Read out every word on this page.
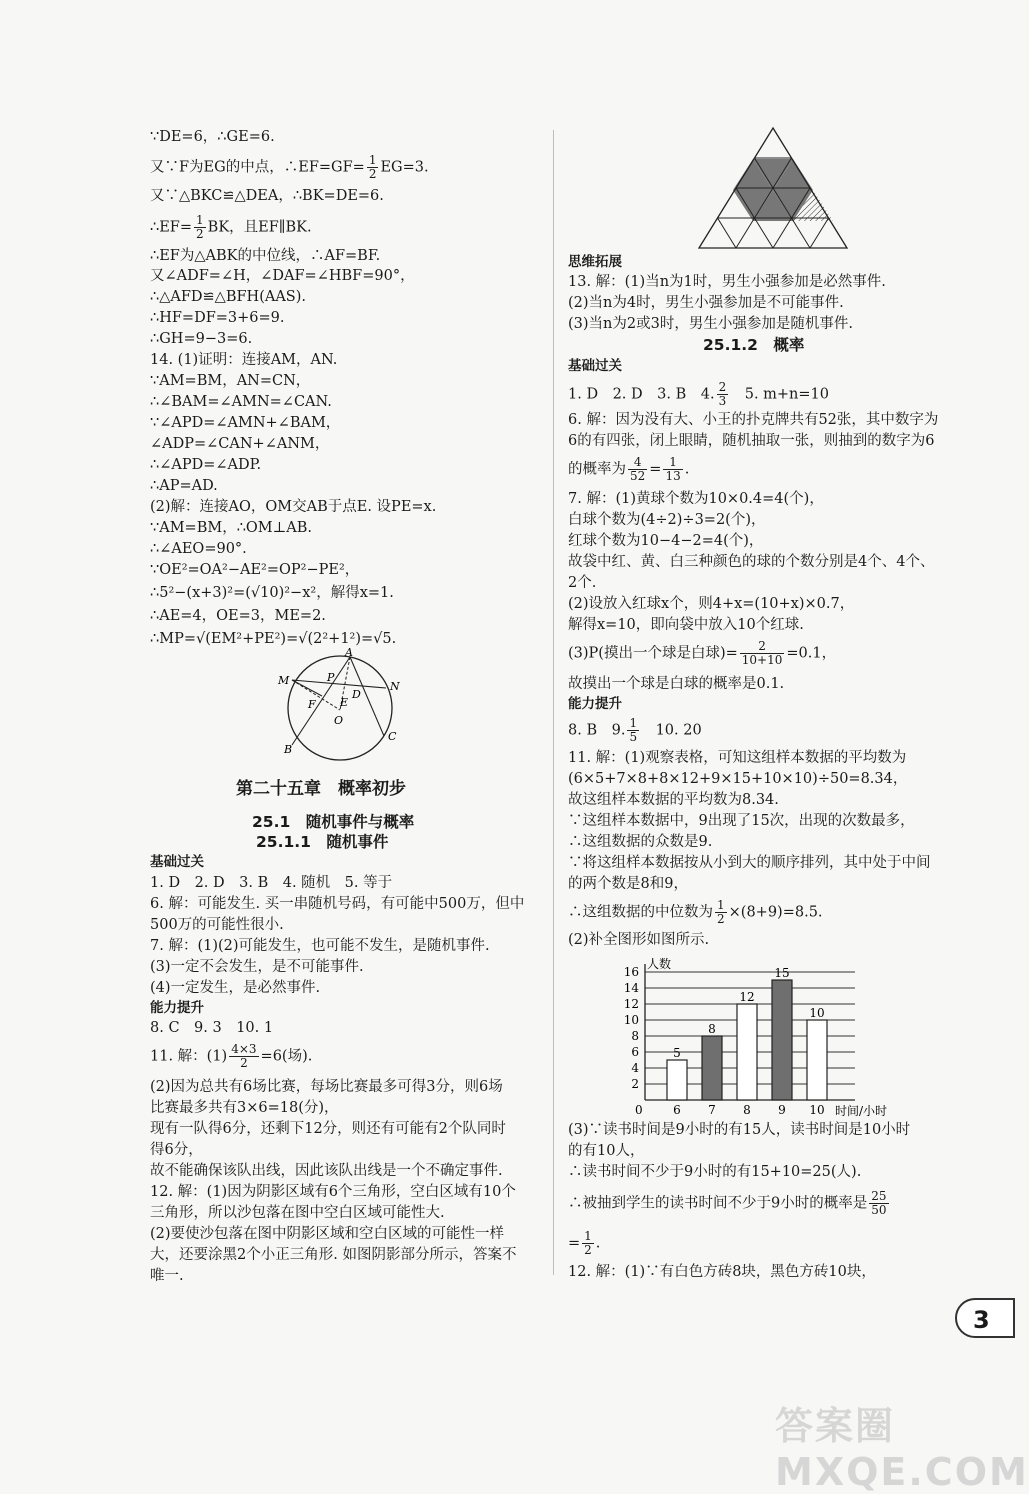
∵DE=6，∴GE=6.
又∵F为EG的中点，∴EF=GF= $\frac{1}{2} EG=3$.
又∵△BKC≌△DEA，∴BK=DE=6.
∴EF= $\frac{1}{2}$ BK，且EF∥BK.
∴EF为△ABK的中位线，∴AF=BF.
又∠ADF=∠H，∠DAF=∠HBF=90°，
∴△AFD≌△BFH(AAS).
∴HF=DF=3+6=9.
∴GH=9−3=6.
14. (1)证明：连接AM，AN.
∵AM=BM，AN=CN，
∴∠BAM=∠AMN=∠CAN.
∵∠APD=∠AMN+∠BAM，
∠ADP=∠CAN+∠ANM，
∴∠APD=∠ADP.
∴AP=AD.
(2)解：连接AO，OM交AB于点E. 设PE=x.
∵AM=BM，∴OM⊥AB.
∴∠AEO=90°.
∵OE²=OA²−AE²=OP²−PE²，
∴5²−(x+3)²=(√10)²−x²，解得x=1.
∴AE=4，OE=3，ME=2.
∴MP=√(EM²+PE²)=√(2²+1²)=√5.
A
M	N
P
E
D
F
O
B
C
第二十五章　概率初步
25.1　随机事件与概率
25.1.1　随机事件
基础过关
1. D　2. D　3. B　4. 随机　5. 等于
6. 解：可能发生. 买一串随机号码，有可能中500万，但中
500万的可能性很小.
7. 解：(1)(2)可能发生，也可能不发生，是随机事件.
(3)一定不会发生，是不可能事件.
(4)一定发生，是必然事件.
能力提升
8. C　9. 3　10. 1
11. 解：$(1) \frac{4\times 3}{2} =6$(场).
(2)因为总共有6场比赛，每场比赛最多可得3分，则6场
比赛最多共有3×6=18(分)，
现有一队得6分，还剩下12分，则还有可能有2个队同时
得6分，
故不能确保该队出线，因此该队出线是一个不确定事件.
12. 解：(1)因为阴影区域有6个三角形，空白区域有10个
三角形，所以沙包落在图中空白区域可能性大.
(2)要使沙包落在图中阴影区域和空白区域的可能性一样
大，还要涂黑2个小正三角形. 如图阴影部分所示，答案不
唯一.
思维拓展
13. 解：(1)当n为1时，男生小强参加是必然事件.
(2)当n为4时，男生小强参加是不可能事件.
(3)当n为2或3时，男生小强参加是随机事件.
25.1.2　概率
基础过关
1. D　2. D　3. B　4. $\frac{2}{3}$
　 5. m+n=10
6. 解：因为没有大、小王的扑克牌共有52张，其中数字为
6的有四张，闭上眼睛，随机抽取一张，则抽到的数字为6
的概率为 $\frac{4}{52} = \frac{1}{13}$ .
7. 解：(1)黄球个数为10×0.4=4(个)，
白球个数为(4÷2)÷3=2(个)，
红球个数为10−4−2=4(个)，
故袋中红、黄、白三种颜色的球的个数分别是4个、4个、
2个.
(2)设放入红球x个，则4+x=(10+x)×0.7，
解得x=10，即向袋中放入10个红球.
(3)P(摸出一个球是白球)= $\frac{2}{10+10} =0.1$，
故摸出一个球是白球的概率是0.1.
能力提升
8. B　9. $\frac{1}{5}$
　 10. 20
11. 解：(1)观察表格，可知这组样本数据的平均数为
(6×5+7×8+8×12+9×15+10×10)÷50=8.34，
故这组样本数据的平均数为8.34.
∵这组样本数据中，9出现了15次，出现的次数最多，
∴这组数据的众数是9.
∵将这组样本数据按从小到大的顺序排列，其中处于中间
的两个数是8和9，
∴这组数据的中位数为 $\frac{1}{2} \times(8+9)=8.5$.
(2)补全图形如图所示.
2
4
6
8
10
12
14
16
0
人数
时间/小时
5
6
8
7
12
8
15
9
10
10
(3)∵读书时间是9小时的有15人，读书时间是10小时
的有10人，
∴读书时间不少于9小时的有15+10=25(人).
∴被抽到学生的读书时间不少于9小时的概率是 $\frac{25}{50}$
= $\frac{1}{2}$ .
12. 解：(1)∵有白色方砖8块，黑色方砖10块，
3
答案圈 MXQE.COM
